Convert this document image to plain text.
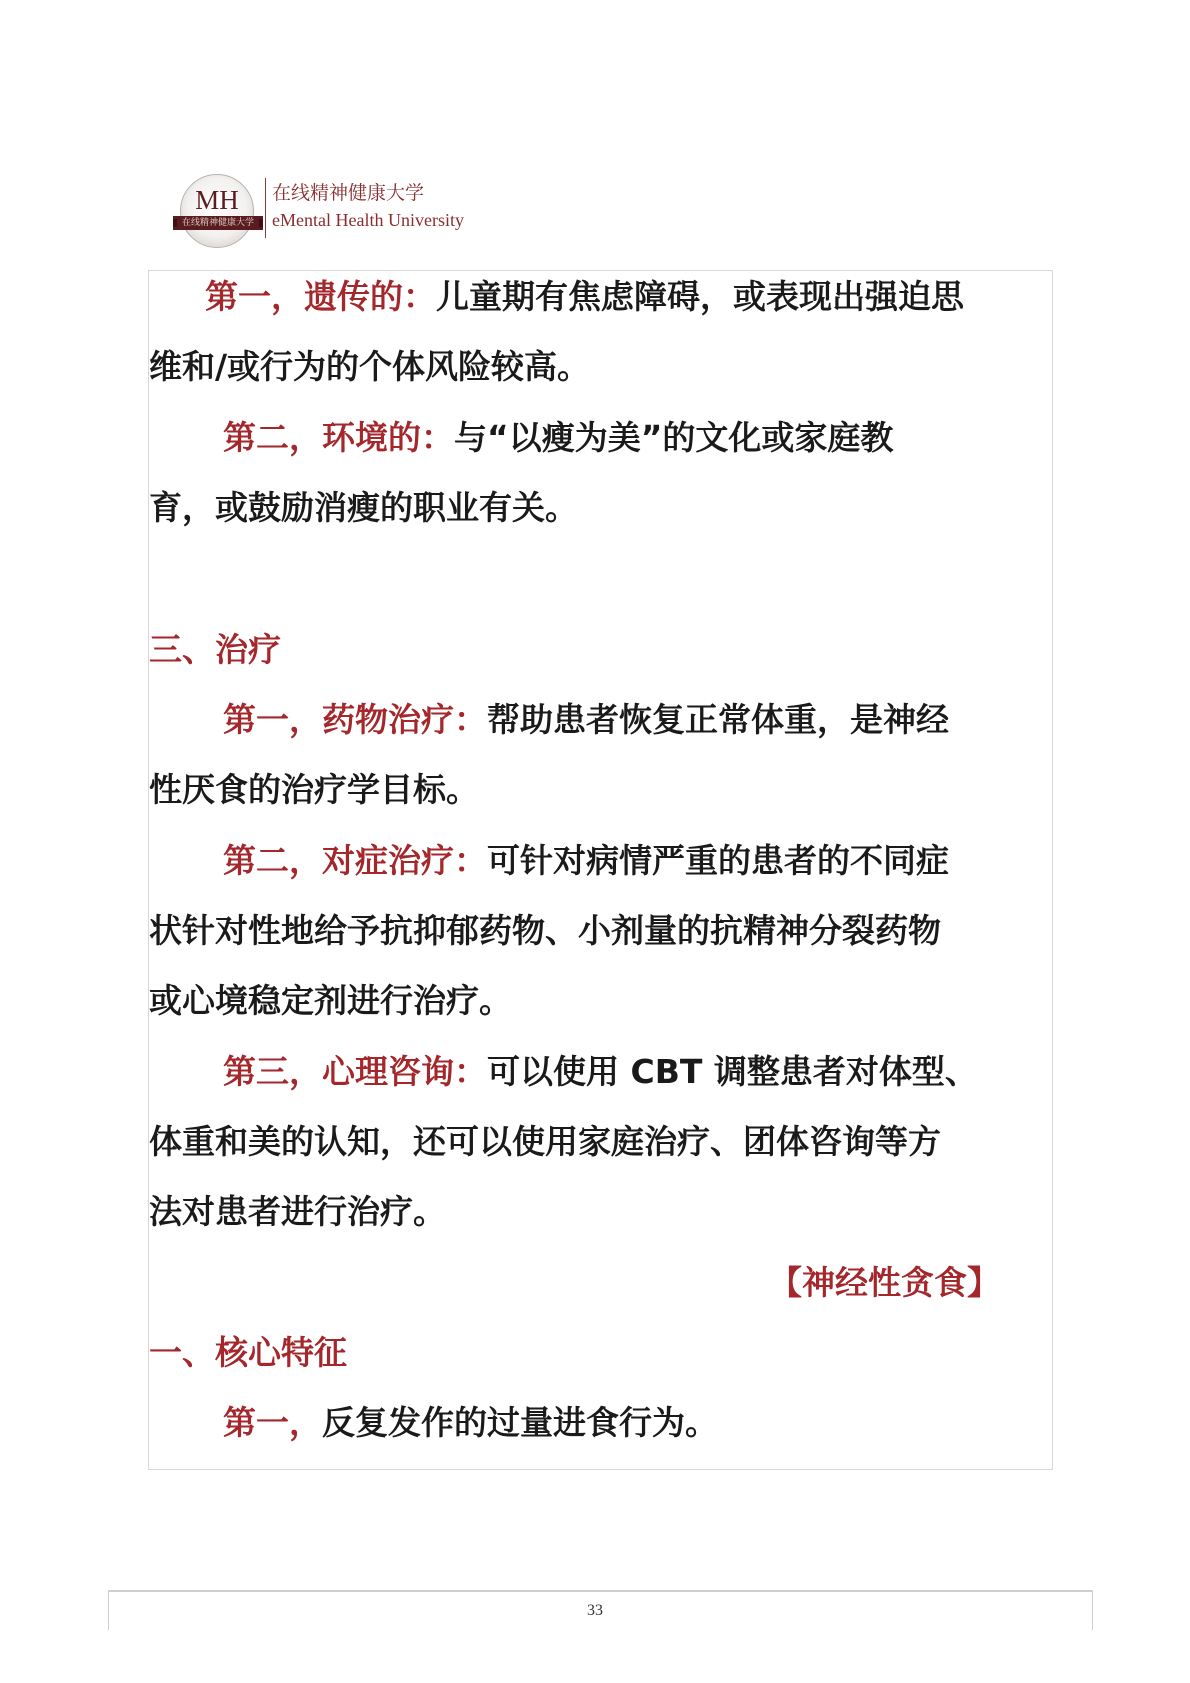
MH
在线精神健康大学
在线精神健康大学
eMental Health University
第一，遗传的：儿童期有焦虑障碍，或表现出强迫思
维和/或行为的个体风险较高。
第二，环境的：与“以瘦为美”的文化或家庭教
育，或鼓励消瘦的职业有关。
三、治疗
第一，药物治疗：帮助患者恢复正常体重，是神经
性厌食的治疗学目标。
第二，对症治疗：可针对病情严重的患者的不同症
状针对性地给予抗抑郁药物、小剂量的抗精神分裂药物
或心境稳定剂进行治疗。
第三，心理咨询：可以使用 CBT 调整患者对体型、
体重和美的认知，还可以使用家庭治疗、团体咨询等方
法对患者进行治疗。
【神经性贪食】
一、核心特征
第一，反复发作的过量进食行为。
33
